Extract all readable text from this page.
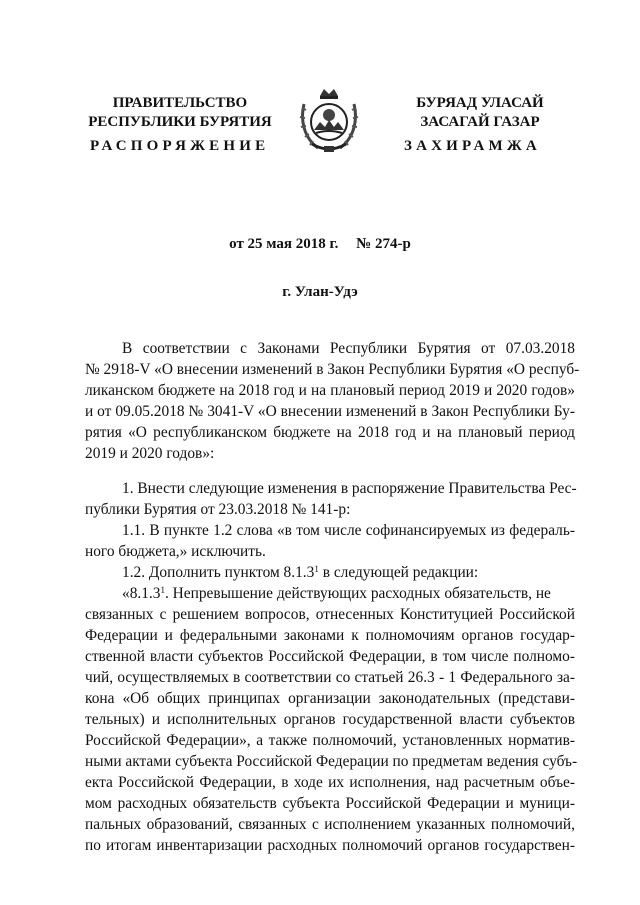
ПРАВИТЕЛЬСТВО
РЕСПУБЛИКИ БУРЯТИЯ
БУРЯАД УЛАСАЙ
ЗАСАГАЙ ГАЗАР
РАСПОРЯЖЕНИЕ	ЗАХИРАМЖА
от 25 мая 2018 г. № 274-р
г. Улан-Удэ
В соответствии с Законами Республики Бурятия от 07.03.2018
№ 2918-V «О внесении изменений в Закон Республики Бурятия «О респуб-
ликанском бюджете на 2018 год и на плановый период 2019 и 2020 годов»
и от 09.05.2018 № 3041-V «О внесении изменений в Закон Республики Бу-
рятия «О республиканском бюджете на 2018 год и на плановый период
2019 и 2020 годов»:
1. Внести следующие изменения в распоряжение Правительства Рес-
публики Бурятия от 23.03.2018 № 141-р:
1.1. В пункте 1.2 слова «в том числе софинансируемых из федераль-
ного бюджета,» исключить.
1.2. Дополнить пунктом 8.1.3$^1$ в следующей редакции:
«8.1.3$^1$. Непревышение действующих расходных обязательств, не
связанных с решением вопросов, отнесенных Конституцией Российской
Федерации и федеральными законами к полномочиям органов государ-
ственной власти субъектов Российской Федерации, в том числе полномо-
чий, осуществляемых в соответствии со статьей 26.3 - 1 Федерального за-
кона «Об общих принципах организации законодательных (представи-
тельных) и исполнительных органов государственной власти субъектов
Российской Федерации», а также полномочий, установленных норматив-
ными актами субъекта Российской Федерации по предметам ведения субъ-
екта Российской Федерации, в ходе их исполнения, над расчетным объе-
мом расходных обязательств субъекта Российской Федерации и муници-
пальных образований, связанных с исполнением указанных полномочий,
по итогам инвентаризации расходных полномочий органов государствен-
